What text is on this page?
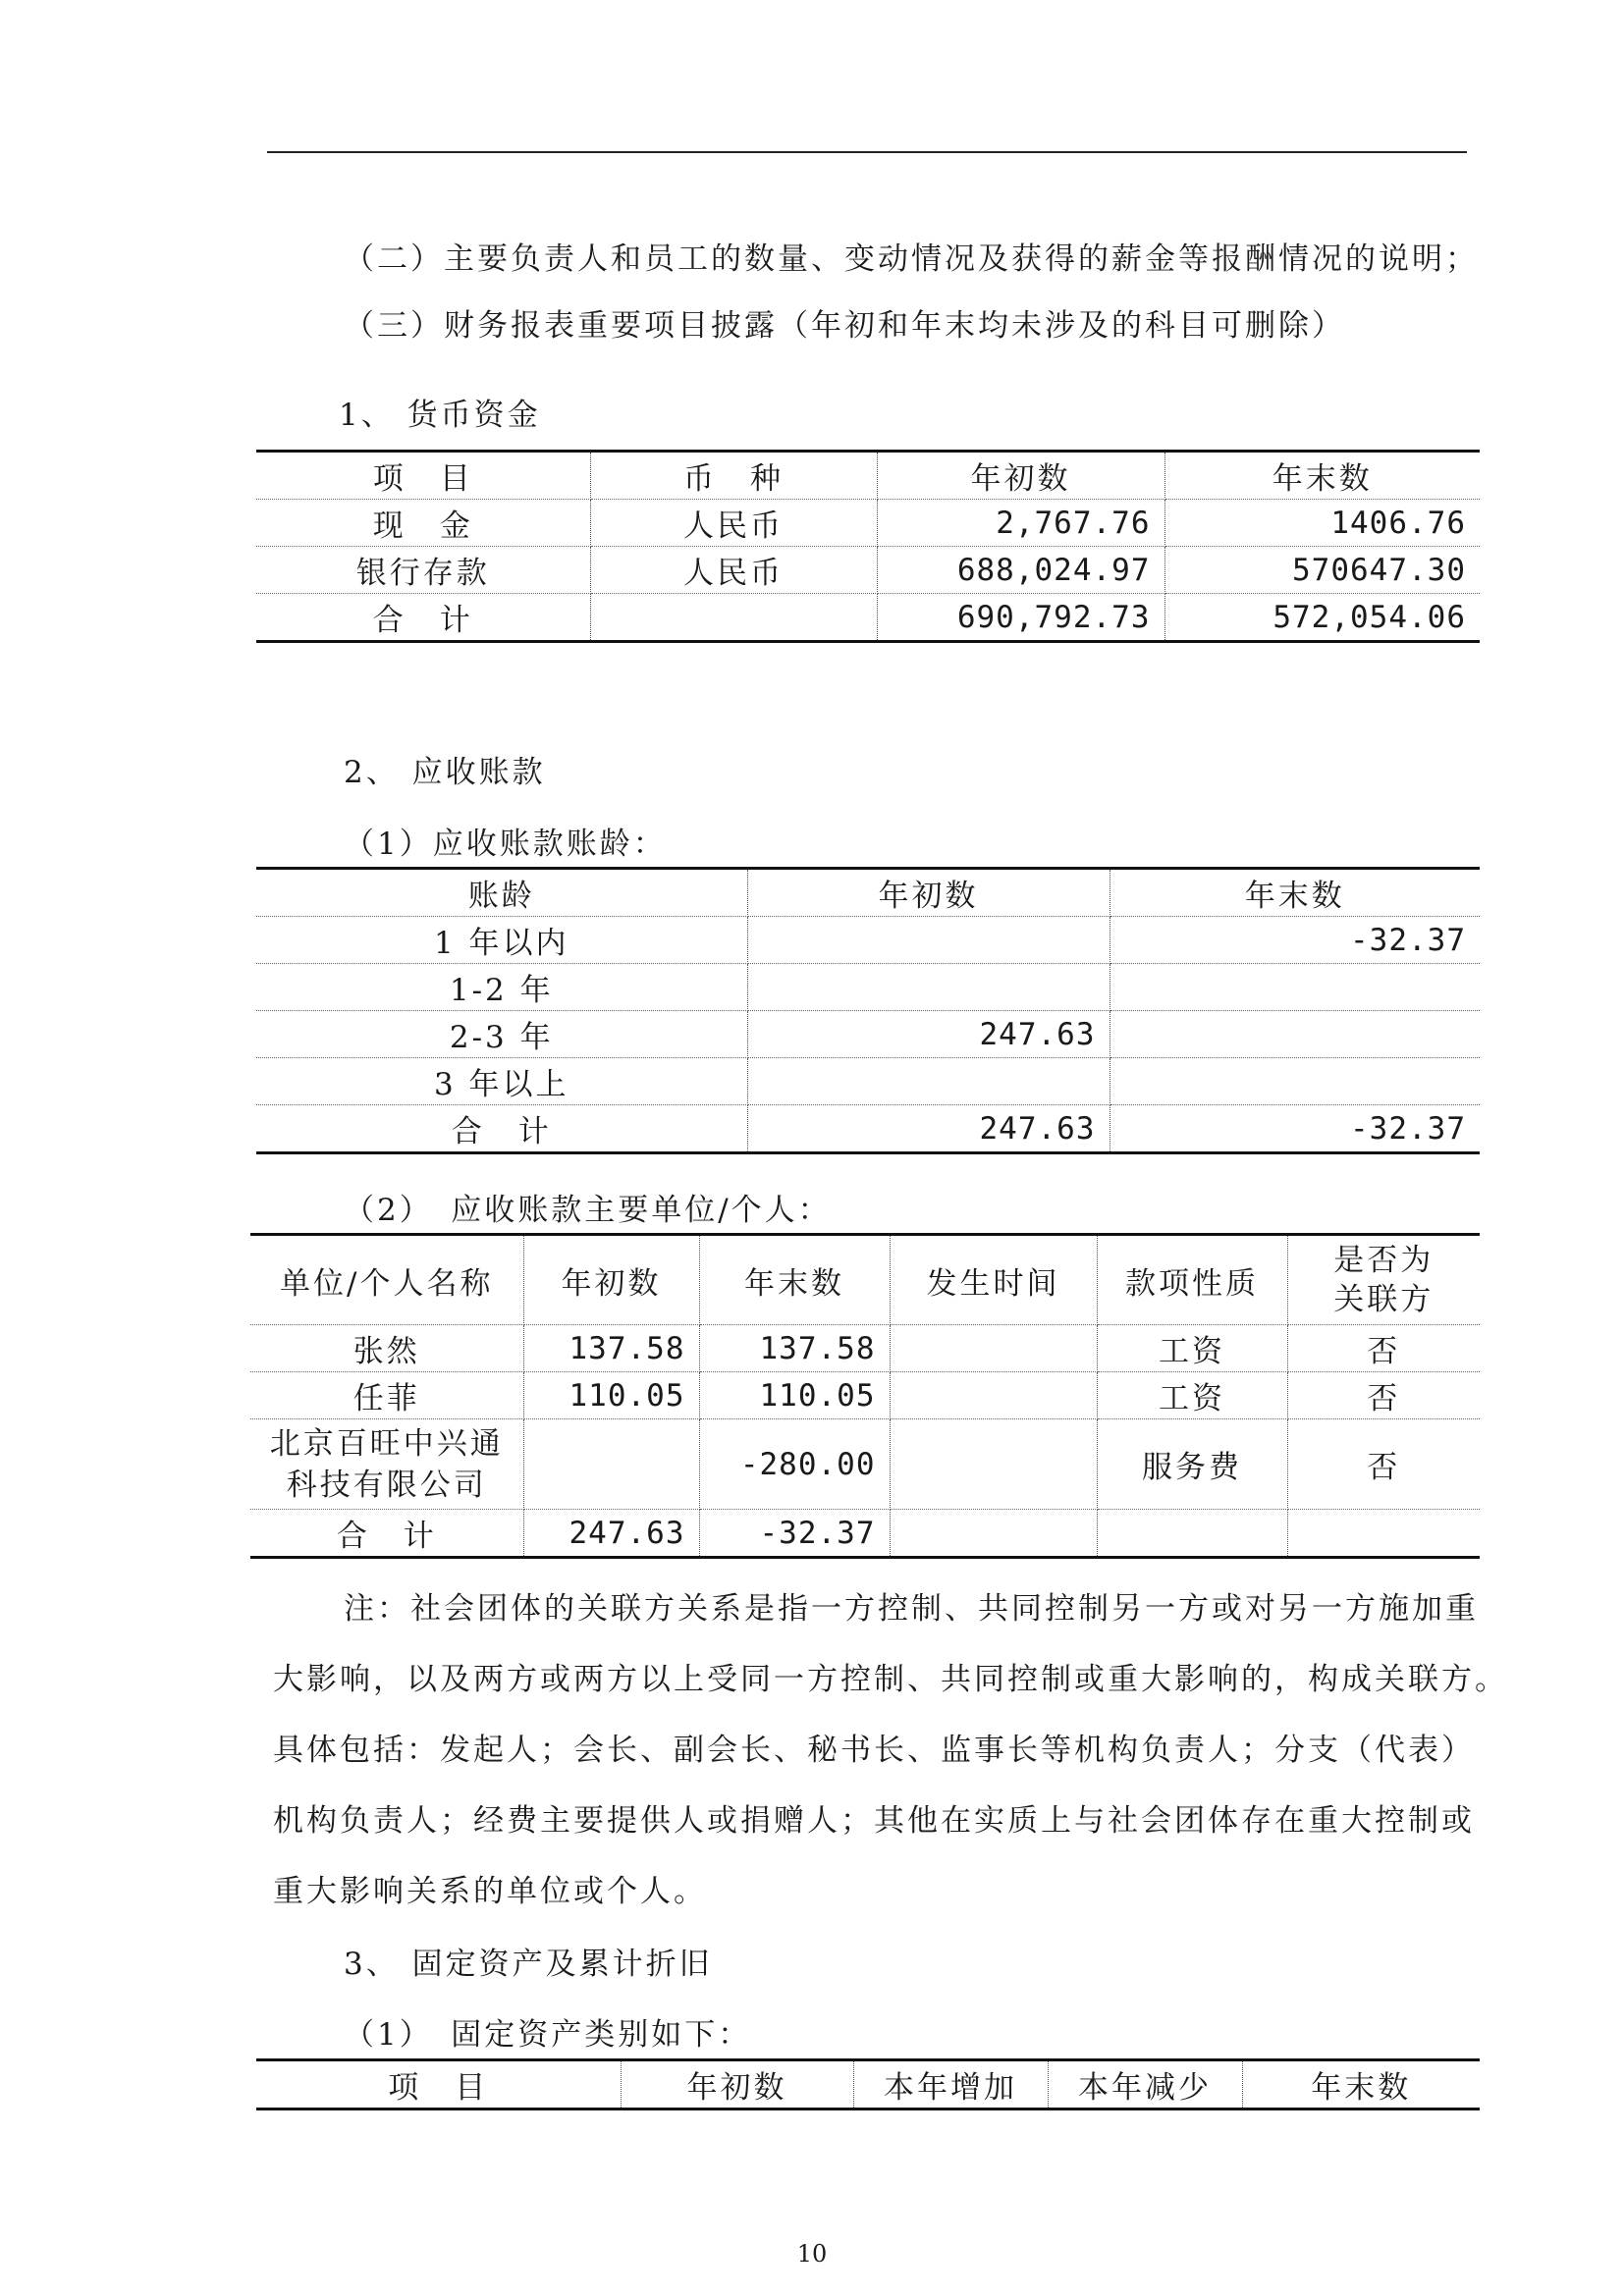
（二）主要负责人和员工的数量、变动情况及获得的薪金等报酬情况的说明；
（三）财务报表重要项目披露（年初和年末均未涉及的科目可删除）
1、 货币资金
项　目	币　种	年初数	年末数
现　金	人民币	2,767.76	1406.76
银行存款	人民币	688,024.97	570647.30
合　计		690,792.73	572,054.06
2、 应收账款
（1）应收账款账龄：
账龄	年初数	年末数
1 年以内		-32.37
1-2 年		
2-3 年	247.63	
3 年以上		
合　计	247.63	-32.37
（2）　应收账款主要单位/个人：
单位/个人名称	年初数	年末数	发生时间	款项性质	是否为
关联方

张然	137.58	137.58		工资	否
任菲	110.05	110.05		工资	否

北京百旺中兴通
科技有限公司		-280.00		服务费	否
合　计	247.63	-32.37			
注：社会团体的关联方关系是指一方控制、共同控制另一方或对另一方施加重
大影响，以及两方或两方以上受同一方控制、共同控制或重大影响的，构成关联方。
具体包括：发起人；会长、副会长、秘书长、监事长等机构负责人；分支（代表）
机构负责人；经费主要提供人或捐赠人；其他在实质上与社会团体存在重大控制或
重大影响关系的单位或个人。
3、 固定资产及累计折旧
（1）　固定资产类别如下：
项　目	年初数	本年增加	本年减少	年末数
10
